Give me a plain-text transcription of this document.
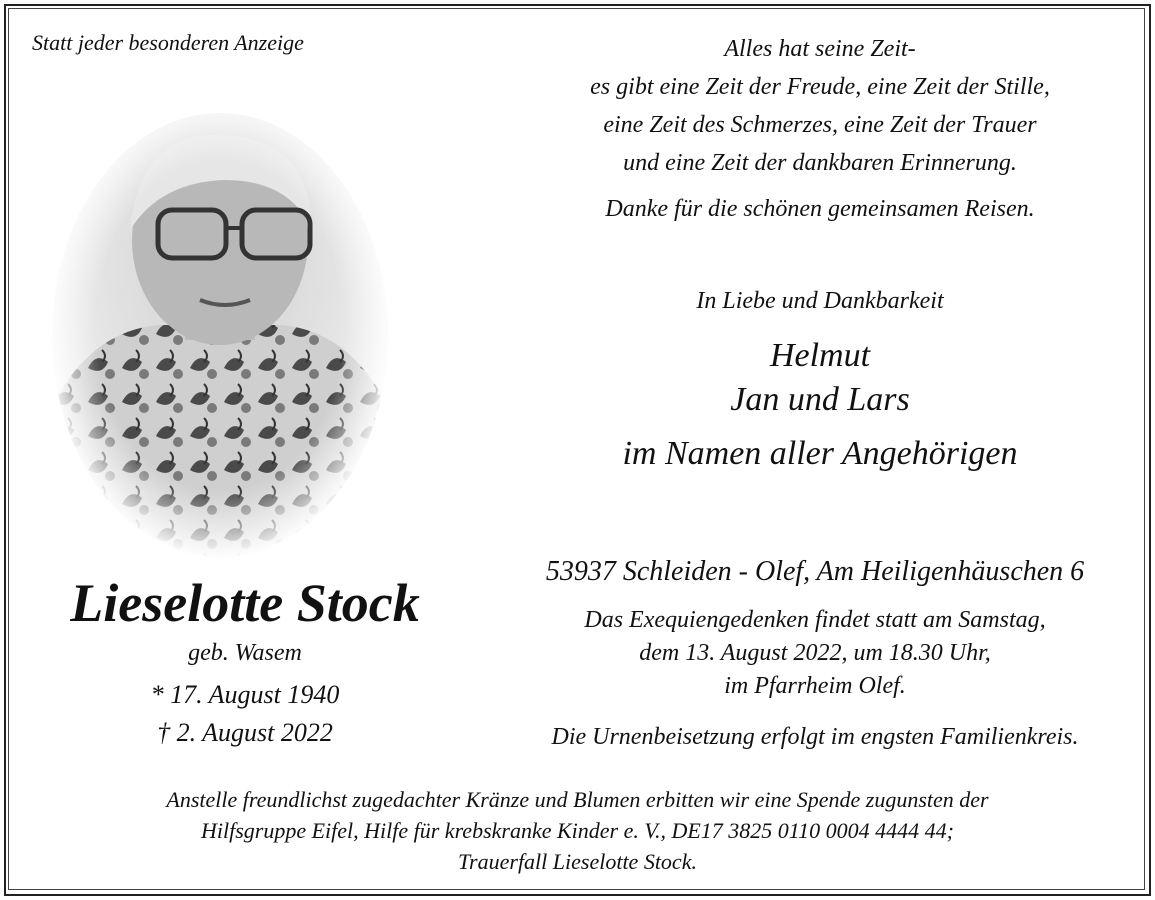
Statt jeder besonderen Anzeige	Alles hat seine Zeit-
es gibt eine Zeit der Freude, eine Zeit der Stille,
eine Zeit des Schmerzes, eine Zeit der Trauer
und eine Zeit der dankbaren Erinnerung.
Danke für die schönen gemeinsamen Reisen.
In Liebe und Dankbarkeit
Helmut
Jan und Lars
im Namen aller Angehörigen
Lieselotte Stock
geb. Wasem
* 17. August 1940
† 2. August 2022
53937 Schleiden - Olef, Am Heiligenhäuschen 6
Das Exequiengedenken findet statt am Samstag,
dem 13. August 2022, um 18.30 Uhr,
im Pfarrheim Olef.
Die Urnenbeisetzung erfolgt im engsten Familienkreis.
Anstelle freundlichst zugedachter Kränze und Blumen erbitten wir eine Spende zugunsten der
Hilfsgruppe Eifel, Hilfe für krebskranke Kinder e. V., DE17 3825 0110 0004 4444 44;
Trauerfall Lieselotte Stock.
